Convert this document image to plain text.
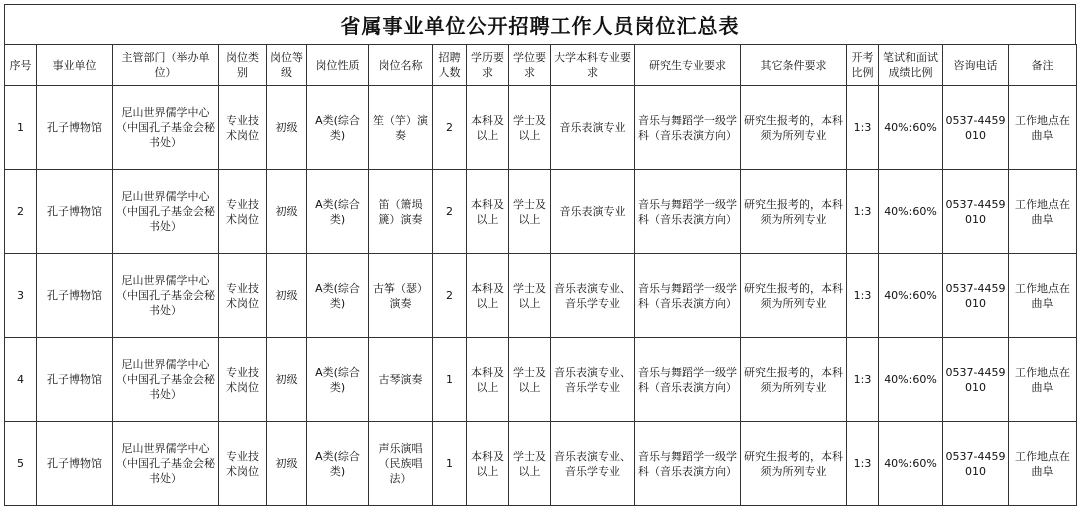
省属事业单位公开招聘工作人员岗位汇总表
序号	事业单位	主管部门（举办单位）	岗位类别	岗位等级	岗位性质	岗位名称	招聘人数	学历要求	学位要求	大学本科专业要求	研究生专业要求	其它条件要求	开考比例	笔试和面试成绩比例	咨询电话	备注
1	孔子博物馆	尼山世界儒学中心（中国孔子基金会秘书处）	专业技术岗位	初级	A类(综合类)	笙（竽）演奏	2	本科及以上	学士及以上	音乐表演专业	音乐与舞蹈学一级学科（音乐表演方向）	研究生报考的，本科须为所列专业	1:3	40%:60%	0537-4459010	工作地点在曲阜
2	孔子博物馆	尼山世界儒学中心（中国孔子基金会秘书处）	专业技术岗位	初级	A类(综合类)	笛（箫埙篪）演奏	2	本科及以上	学士及以上	音乐表演专业	音乐与舞蹈学一级学科（音乐表演方向）	研究生报考的，本科须为所列专业	1:3	40%:60%	0537-4459010	工作地点在曲阜
3	孔子博物馆	尼山世界儒学中心（中国孔子基金会秘书处）	专业技术岗位	初级	A类(综合类)	古筝（瑟）演奏	2	本科及以上	学士及以上	音乐表演专业、音乐学专业	音乐与舞蹈学一级学科（音乐表演方向）	研究生报考的，本科须为所列专业	1:3	40%:60%	0537-4459010	工作地点在曲阜
4	孔子博物馆	尼山世界儒学中心（中国孔子基金会秘书处）	专业技术岗位	初级	A类(综合类)	古琴演奏	1	本科及以上	学士及以上	音乐表演专业、音乐学专业	音乐与舞蹈学一级学科（音乐表演方向）	研究生报考的，本科须为所列专业	1:3	40%:60%	0537-4459010	工作地点在曲阜
5	孔子博物馆	尼山世界儒学中心（中国孔子基金会秘书处）	专业技术岗位	初级	A类(综合类)	声乐演唱（民族唱法）	1	本科及以上	学士及以上	音乐表演专业、音乐学专业	音乐与舞蹈学一级学科（音乐表演方向）	研究生报考的，本科须为所列专业	1:3	40%:60%	0537-4459010	工作地点在曲阜
